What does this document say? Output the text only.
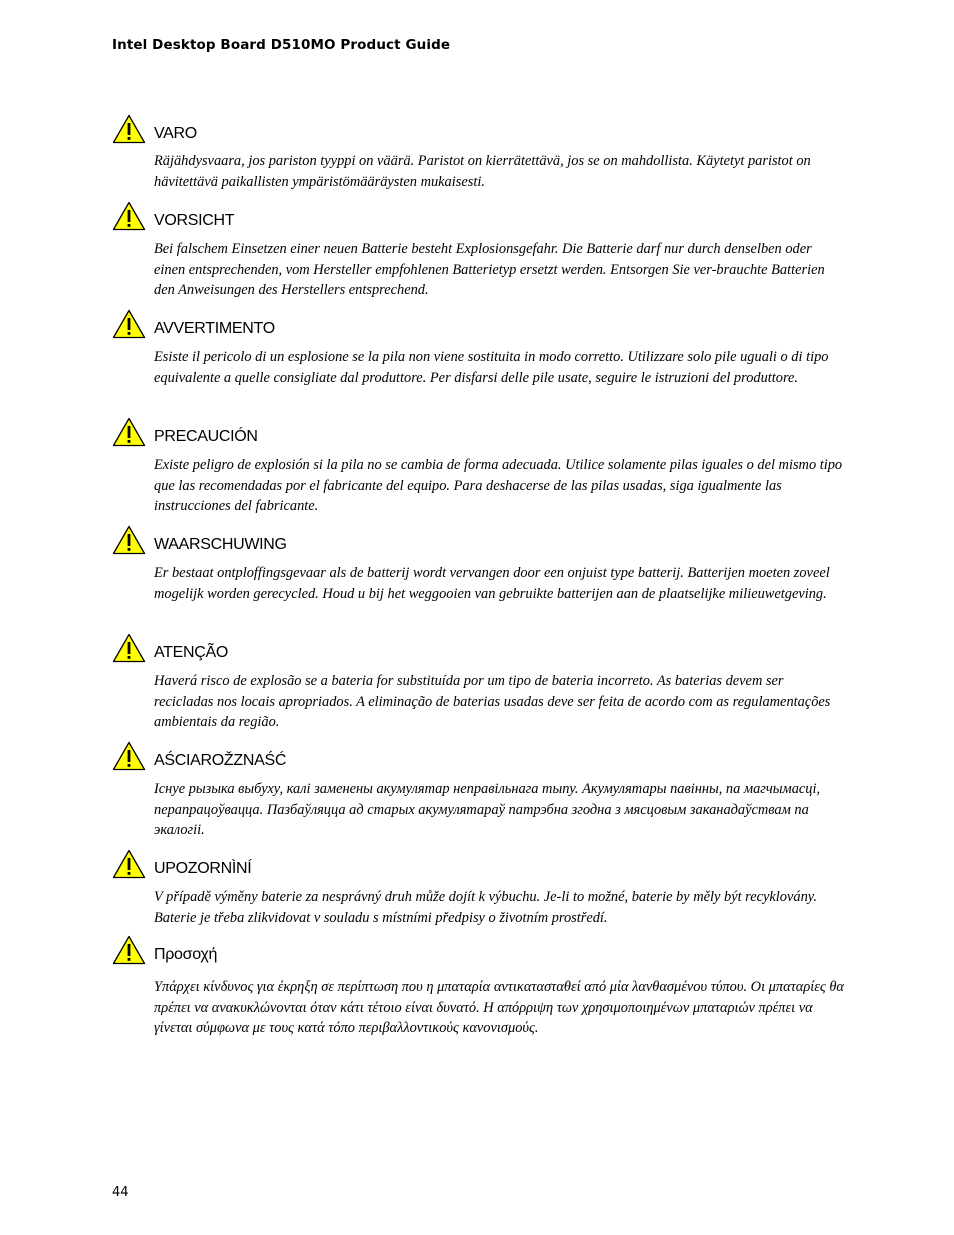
Intel Desktop Board D510MO Product Guide
VARO
Räjähdysvaara, jos pariston tyyppi on väärä. Paristot on kierrätettävä, jos se on mahdollista. Käytetyt paristot on hävitettävä paikallisten ympäristömääräysten mukaisesti.
VORSICHT
Bei falschem Einsetzen einer neuen Batterie besteht Explosionsgefahr. Die Batterie darf nur durch denselben oder einen entsprechenden, vom Hersteller empfohlenen Batterietyp ersetzt werden. Entsorgen Sie ver-brauchte Batterien den Anweisungen des Herstellers entsprechend.
AVVERTIMENTO
Esiste il pericolo di un esplosione se la pila non viene sostituita in modo corretto. Utilizzare solo pile uguali o di tipo equivalente a quelle consigliate dal produttore. Per disfarsi delle pile usate, seguire le istruzioni del produttore.
PRECAUCIÓN
Existe peligro de explosión si la pila no se cambia de forma adecuada. Utilice solamente pilas iguales o del mismo tipo que las recomendadas por el fabricante del equipo. Para deshacerse de las pilas usadas, siga igualmente las instrucciones del fabricante.
WAARSCHUWING
Er bestaat ontploffingsgevaar als de batterij wordt vervangen door een onjuist type batterij. Batterijen moeten zoveel mogelijk worden gerecycled. Houd u bij het weggooien van gebruikte batterijen aan de plaatselijke milieuwetgeving.
ATENÇÃO
Haverá risco de explosão se a bateria for substituída por um tipo de bateria incorreto. As baterias devem ser recicladas nos locais apropriados. A eliminação de baterias usadas deve ser feita de acordo com as regulamentações ambientais da região.
AŚCIAROŽZNAŚĆ
Існуе рызыка выбуху, калі заменены акумулятар неправільнага тыпу. Акумулятары павінны, па магчымасці, перапрацоўвацца. Пазбаўляцца ад старых акумулятараў патрэбна згодна з мясцовым заканадаўствам па экалогіі.
UPOZORNÌNÍ
V případě výměny baterie za nesprávný druh může dojít k výbuchu. Je-li to možné, baterie by měly být recyklovány. Baterie je třeba zlikvidovat v souladu s místními předpisy o životním prostředí.
Προσοχή
Υπάρχει κίνδυνος για έκρηξη σε περίπτωση που η μπαταρία αντικατασταθεί από μία λανθασμένου τύπου. Οι μπαταρίες θα πρέπει να ανακυκλώνονται όταν κάτι τέτοιο είναι δυνατό. Η απόρριψη των χρησιμοποιημένων μπαταριών πρέπει να γίνεται σύμφωνα με τους κατά τόπο περιβαλλοντικούς κανονισμούς.
44
